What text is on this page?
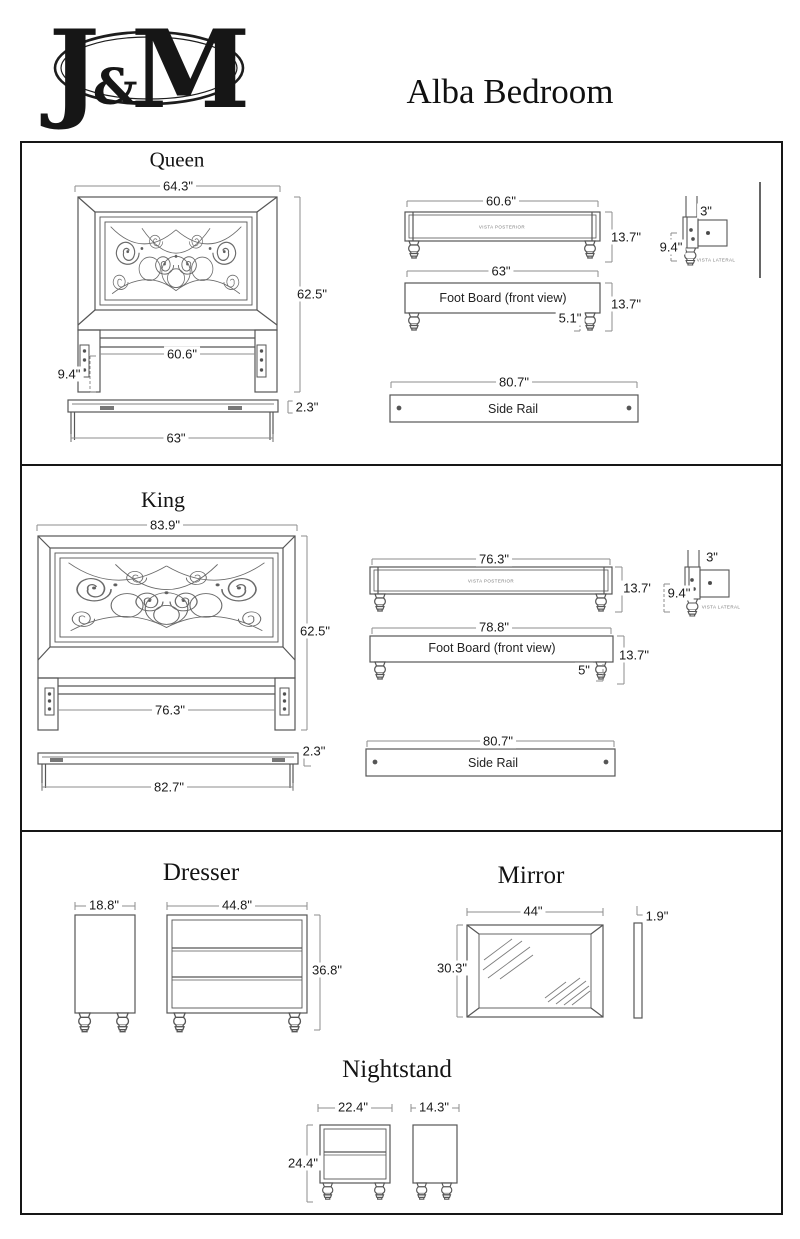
J
&
M	Alba Bedroom
Queen
64.3"
62.5"
60.6"
9.4"
2.3"
63"
60.6"
VISTA POSTERIOR
13.7"
63"
Foot Board (front view)	13.7"
5.1"
3"
9.4"
VISTA LATERAL
80.7"
Side Rail
King
83.9"
62.5"
76.3"
2.3"
82.7"
76.3"
VISTA POSTERIOR	13.7'
78.8"
Foot Board (front view)	13.7"
5"
3"
9.4"
VISTA LATERAL
80.7"
Side Rail
Dresser
18.8"	44.8"
36.8"
Mirror
44"
30.3"
1.9"
Nightstand
22.4"	14.3"
24.4"
